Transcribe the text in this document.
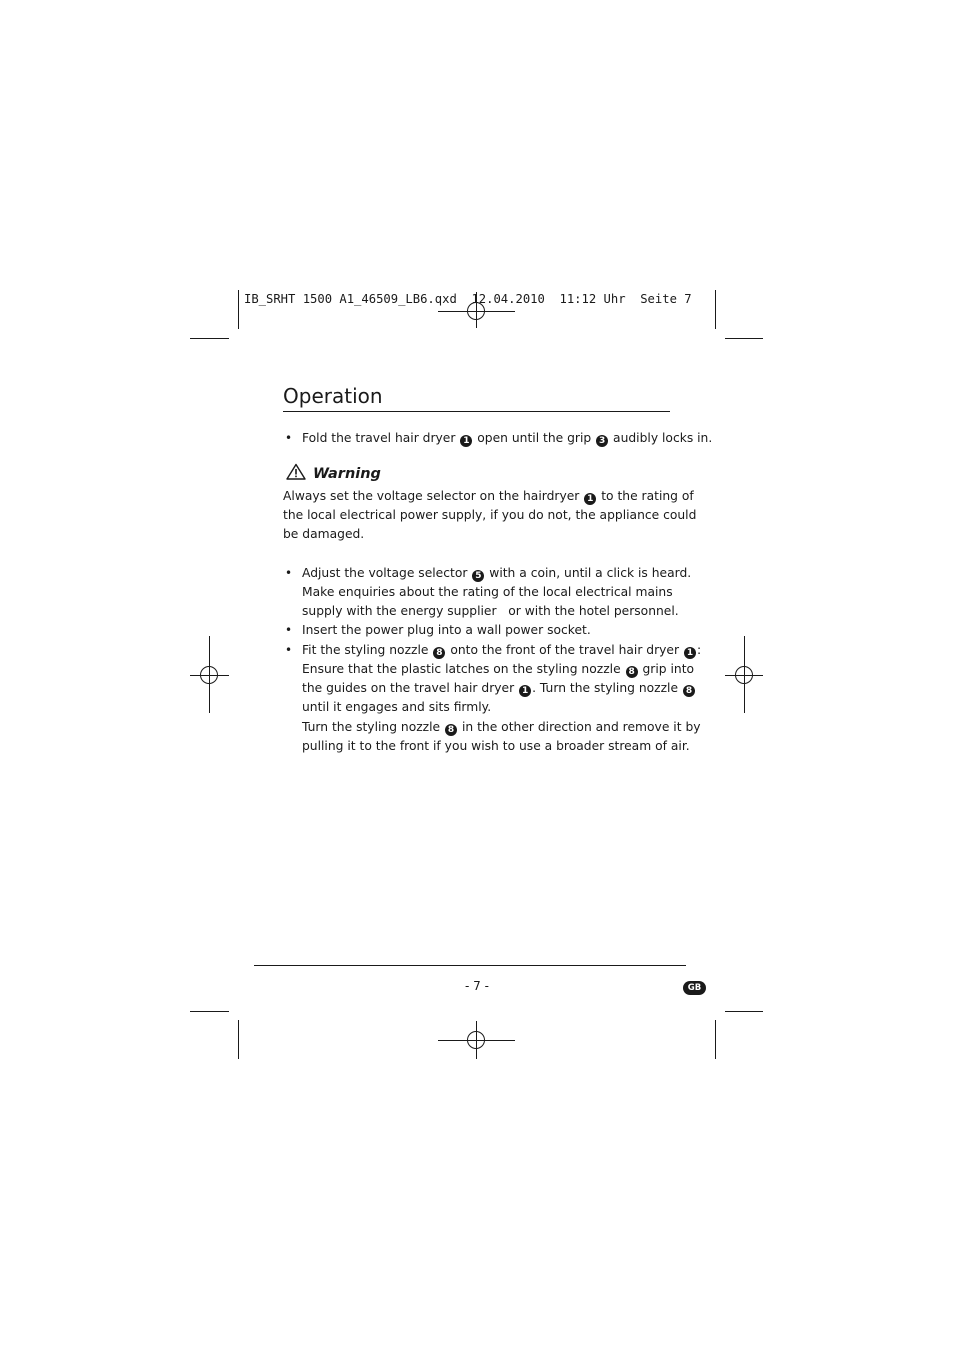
IB_SRHT 1500 A1_46509_LB6.qxd  12.04.2010  11:12 Uhr  Seite 7
Operation
• Fold the travel hair dryer 1 open until the grip 3 audibly locks in.
Warning
Always set the voltage selector on the hairdryer 1 to the rating of
the local electrical power supply, if you do not, the appliance could
be damaged.
• Adjust the voltage selector 5 with a coin, until a click is heard.
Make enquiries about the rating of the local electrical mains
supply with the energy supplier   or with the hotel personnel.
• Insert the power plug into a wall power socket.
• Fit the styling nozzle 8 onto the front of the travel hair dryer 1 :
Ensure that the plastic latches on the styling nozzle 8 grip into
the guides on the travel hair dryer 1 . Turn the styling nozzle 8
until it engages and sits firmly.
Turn the styling nozzle 8 in the other direction and remove it by
pulling it to the front if you wish to use a broader stream of air.
- 7 -	GB
